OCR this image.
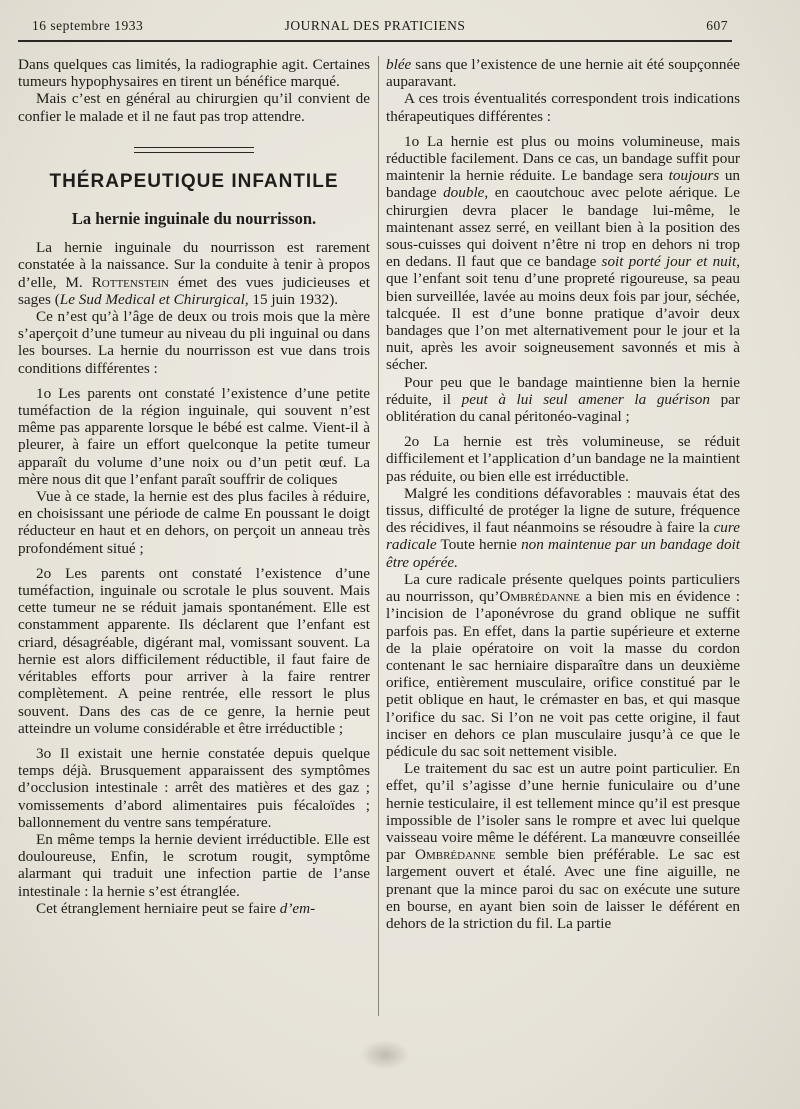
16 septembre 1933	JOURNAL DES PRATICIENS	607

Dans quelques cas limités, la radiographie agit. Certaines tumeurs hypophysaires en tirent un bénéfice marqué.

Mais c’est en général au chirurgien qu’il convient de confier le malade et il ne faut pas trop attendre.

THÉRAPEUTIQUE INFANTILE
La hernie inguinale du nourrisson.

La hernie inguinale du nourrisson est rarement constatée à la naissance. Sur la conduite à tenir à propos d’elle, M. Rottenstein émet des vues judicieuses et sages (Le Sud Medical et Chirurgical, 15 juin 1932).

Ce n’est qu’à l’âge de deux ou trois mois que la mère s’aperçoit d’une tumeur au niveau du pli inguinal ou dans les bourses. La hernie du nourrisson est vue dans trois conditions différentes :

1o Les parents ont constaté l’existence d’une petite tuméfaction de la région inguinale, qui souvent n’est même pas apparente lorsque le bébé est calme. Vient-il à pleurer, à faire un effort quelconque la petite tumeur apparaît du volume d’une noix ou d’un petit œuf. La mère nous dit que l’enfant paraît souffrir de coliques

Vue à ce stade, la hernie est des plus faciles à réduire, en choisissant une période de calme En poussant le doigt réducteur en haut et en dehors, on perçoit un anneau très profondément situé ;

2o Les parents ont constaté l’existence d’une tuméfaction, inguinale ou scrotale le plus souvent. Mais cette tumeur ne se réduit jamais spontanément. Elle est constamment apparente. Ils déclarent que l’enfant est criard, désagréable, digérant mal, vomissant souvent. La hernie est alors difficilement réductible, il faut faire de véritables efforts pour arriver à la faire rentrer complètement. A peine rentrée, elle ressort le plus souvent. Dans des cas de ce genre, la hernie peut atteindre un volume considérable et être irréductible ;

3o Il existait une hernie constatée depuis quelque temps déjà. Brusquement apparaissent des symptômes d’occlusion intestinale : arrêt des matières et des gaz ; vomissements d’abord alimentaires puis fécaloïdes ; ballonnement du ventre sans température.

En même temps la hernie devient irréductible. Elle est douloureuse, Enfin, le scrotum rougit, symptôme alarmant qui traduit une infection partie de l’anse intestinale : la hernie s’est étranglée.

Cet étranglement herniaire peut se faire d’em-

blée sans que l’existence de une hernie ait été soupçonnée auparavant.

A ces trois éventualités correspondent trois indications thérapeutiques différentes :

1o La hernie est plus ou moins volumineuse, mais réductible facilement. Dans ce cas, un bandage suffit pour maintenir la hernie réduite. Le bandage sera toujours un bandage double, en caoutchouc avec pelote aérique. Le chirurgien devra placer le bandage lui-même, le maintenant assez serré, en veillant bien à la position des sous-cuisses qui doivent n’être ni trop en dehors ni trop en dedans. Il faut que ce bandage soit porté jour et nuit, que l’enfant soit tenu d’une propreté rigoureuse, sa peau bien surveillée, lavée au moins deux fois par jour, séchée, talcquée. Il est d’une bonne pratique d’avoir deux bandages que l’on met alternativement pour le jour et la nuit, après les avoir soigneusement savonnés et mis à sécher.

Pour peu que le bandage maintienne bien la hernie réduite, il peut à lui seul amener la guérison par oblitération du canal péritonéo-vaginal ;

2o La hernie est très volumineuse, se réduit difficilement et l’application d’un bandage ne la maintient pas réduite, ou bien elle est irréductible.

Malgré les conditions défavorables : mauvais état des tissus, difficulté de protéger la ligne de suture, fréquence des récidives, il faut néanmoins se résoudre à faire la cure radicale Toute hernie non maintenue par un bandage doit être opérée.

La cure radicale présente quelques points particuliers au nourrisson, qu’Ombrédanne a bien mis en évidence : l’incision de l’aponévrose du grand oblique ne suffit parfois pas. En effet, dans la partie supérieure et externe de la plaie opératoire on voit la masse du cordon contenant le sac herniaire disparaître dans un deuxième orifice, entièrement musculaire, orifice constitué par le petit oblique en haut, le crémaster en bas, et qui masque l’orifice du sac. Si l’on ne voit pas cette origine, il faut inciser en dehors ce plan musculaire jusqu’à ce que le pédicule du sac soit nettement visible.

Le traitement du sac est un autre point particulier. En effet, qu’il s’agisse d’une hernie funiculaire ou d’une hernie testiculaire, il est tellement mince qu’il est presque impossible de l’isoler sans le rompre et avec lui quelque vaisseau voire même le déférent. La manœuvre conseillée par Ombrédanne semble bien préférable. Le sac est largement ouvert et étalé. Avec une fine aiguille, ne prenant que la mince paroi du sac on exécute une suture en bourse, en ayant bien soin de laisser le déférent en dehors de la striction du fil. La partie
